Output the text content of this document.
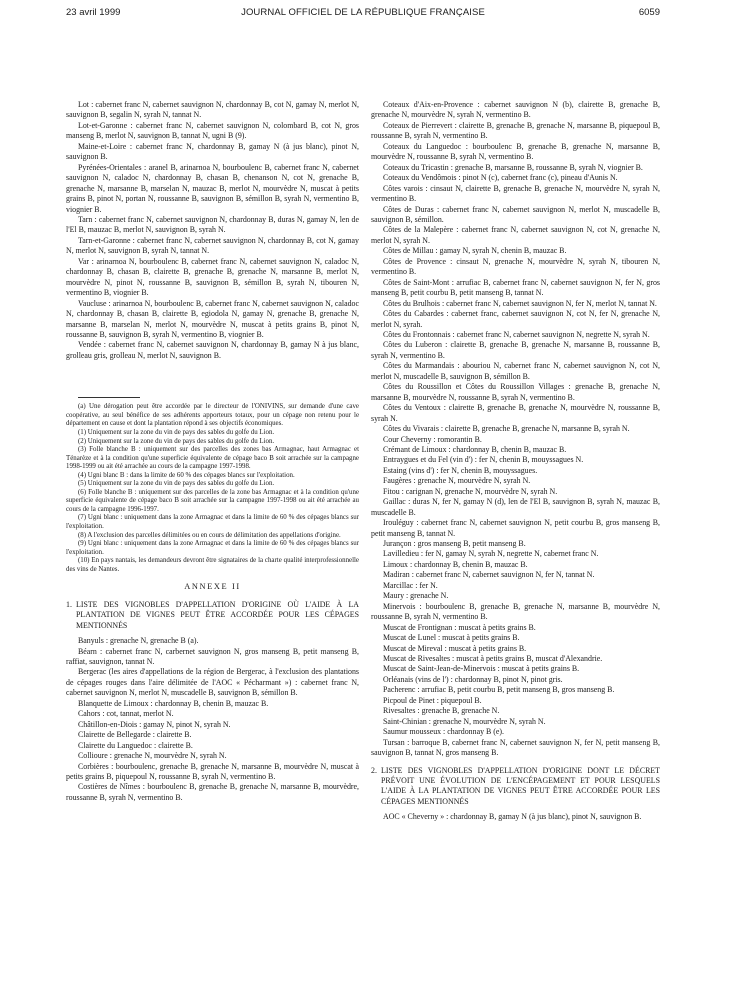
23 avril 1999	JOURNAL OFFICIEL DE LA RÉPUBLIQUE FRANÇAISE	6059

Lot : cabernet franc N, cabernet sauvignon N, chardonnay B, cot N, gamay N, merlot N, sauvignon B, segalin N, syrah N, tannat N.

Lot-et-Garonne : cabernet franc N, cabernet sauvignon N, colombard B, cot N, gros manseng B, merlot N, sauvignon B, tannat N, ugni B (9).

Maine-et-Loire : cabernet franc N, chardonnay B, gamay N (à jus blanc), pinot N, sauvignon B.

Pyrénées-Orientales : aranel B, arinarnoa N, bourboulenc B, cabernet franc N, cabernet sauvignon N, caladoc N, chardonnay B, chasan B, chenanson N, cot N, grenache B, grenache N, marsanne B, marselan N, mauzac B, merlot N, mourvèdre N, muscat à petits grains B, pinot N, portan N, roussanne B, sauvignon B, sémillon B, syrah N, vermentino B, viognier B.

Tarn : cabernet franc N, cabernet sauvignon N, chardonnay B, duras N, gamay N, len de l'El B, mauzac B, merlot N, sauvignon B, syrah N.

Tarn-et-Garonne : cabernet franc N, cabernet sauvignon N, chardonnay B, cot N, gamay N, merlot N, sauvignon B, syrah N, tannat N.

Var : arinarnoa N, bourboulenc B, cabernet franc N, cabernet sauvignon N, caladoc N, chardonnay B, chasan B, clairette B, grenache B, grenache N, marsanne B, merlot N, mourvèdre N, pinot N, roussanne B, sauvignon B, sémillon B, syrah N, tibouren N, vermentino B, viognier B.

Vaucluse : arinarnoa N, bourboulenc B, cabernet franc N, cabernet sauvignon N, caladoc N, chardonnay B, chasan B, clairette B, egiodola N, gamay N, grenache B, grenache N, marsanne B, marselan N, merlot N, mourvèdre N, muscat à petits grains B, pinot N, roussanne B, sauvignon B, syrah N, vermentino B, viognier B.

Vendée : cabernet franc N, cabernet sauvignon N, chardonnay B, gamay N à jus blanc, grolleau gris, grolleau N, merlot N, sauvignon B.

(a) Une dérogation peut être accordée par le directeur de l'ONIVINS, sur demande d'une cave coopérative, au seul bénéfice de ses adhérents apporteurs totaux, pour un cépage non retenu pour le département en cause et dont la plantation répond à ses objectifs économiques.

(1) Uniquement sur la zone du vin de pays des sables du golfe du Lion.

(2) Uniquement sur la zone du vin de pays des sables du golfe du Lion.

(3) Folle blanche B : uniquement sur des parcelles des zones bas Armagnac, haut Armagnac et Ténarèze et à la condition qu'une superficie équivalente de cépage baco B soit arrachée sur la campagne 1998-1999 ou ait été arrachée au cours de la campagne 1997-1998.

(4) Ugni blanc B : dans la limite de 60 % des cépages blancs sur l'exploitation.

(5) Uniquement sur la zone du vin de pays des sables du golfe du Lion.

(6) Folle blanche B : uniquement sur des parcelles de la zone bas Armagnac et à la condition qu'une superficie équivalente de cépage baco B soit arrachée sur la campagne 1997-1998 ou ait été arrachée au cours de la campagne 1996-1997.

(7) Ugni blanc : uniquement dans la zone Armagnac et dans la limite de 60 % des cépages blancs sur l'exploitation.

(8) A l'exclusion des parcelles délimitées ou en cours de délimitation des appellations d'origine.

(9) Ugni blanc : uniquement dans la zone Armagnac et dans la limite de 60 % des cépages blancs sur l'exploitation.

(10) En pays nantais, les demandeurs devront être signataires de la charte qualité interprofessionnelle des vins de Nantes.

ANNEXE II

1. LISTE DES VIGNOBLES D'APPELLATION D'ORIGINE OÙ L'AIDE À LA PLANTATION DE VIGNES PEUT ÊTRE ACCORDÉE POUR LES CÉPAGES MENTIONNÉS

Banyuls : grenache N, grenache B (a).

Béarn : cabernet franc N, carbernet sauvignon N, gros manseng B, petit manseng B, raffiat, sauvignon, tannat N.

Bergerac (les aires d'appellations de la région de Bergerac, à l'exclusion des plantations de cépages rouges dans l'aire délimitée de l'AOC « Pécharmant ») : cabernet franc N, cabernet sauvignon N, merlot N, muscadelle B, sauvignon B, sémillon B.

Blanquette de Limoux : chardonnay B, chenin B, mauzac B.

Cahors : cot, tannat, merlot N.

Châtillon-en-Diois : gamay N, pinot N, syrah N.

Clairette de Bellegarde : clairette B.

Clairette du Languedoc : clairette B.

Collioure : grenache N, mourvèdre N, syrah N.

Corbières : bourboulenc, grenache B, grenache N, marsanne B, mourvèdre N, muscat à petits grains B, piquepoul N, roussanne B, syrah N, vermentino B.

Costières de Nîmes : bourboulenc B, grenache B, grenache N, marsanne B, mourvèdre, roussanne B, syrah N, vermentino B.

Coteaux d'Aix-en-Provence : cabernet sauvignon N (b), clairette B, grenache B, grenache N, mourvèdre N, syrah N, vermentino B.

Coteaux de Pierrevert : clairette B, grenache B, grenache N, marsanne B, piquepoul B, roussanne B, syrah N, vermentino B.

Coteaux du Languedoc : bourboulenc B, grenache B, grenache N, marsanne B, mourvèdre N, roussanne B, syrah N, vermentino B.

Coteaux du Tricastin : grenache B, marsanne B, roussanne B, syrah N, viognier B.

Coteaux du Vendômois : pinot N (c), cabernet franc (c), pineau d'Aunis N.

Côtes varois : cinsaut N, clairette B, grenache B, grenache N, mourvèdre N, syrah N, vermentino B.

Côtes de Duras : cabernet franc N, cabernet sauvignon N, merlot N, muscadelle B, sauvignon B, sémillon.

Côtes de la Malepère : cabernet franc N, cabernet sauvignon N, cot N, grenache N, merlot N, syrah N.

Côtes de Millau : gamay N, syrah N, chenin B, mauzac B.

Côtes de Provence : cinsaut N, grenache N, mourvèdre N, syrah N, tibouren N, vermentino B.

Côtes de Saint-Mont : arrufiac B, cabernet franc N, cabernet sauvignon N, fer N, gros manseng B, petit courbu B, petit manseng B, tannat N.

Côtes du Brulhois : cabernet franc N, cabernet sauvignon N, fer N, merlot N, tannat N.

Côtes du Cabardes : cabernet franc, cabernet sauvignon N, cot N, fer N, grenache N, merlot N, syrah.

Côtes du Frontonnais : cabernet franc N, cabernet sauvignon N, negrette N, syrah N.

Côtes du Luberon : clairette B, grenache B, grenache N, marsanne B, roussanne B, syrah N, vermentino B.

Côtes du Marmandais : abouriou N, cabernet franc N, cabernet sauvignon N, cot N, merlot N, muscadelle B, sauvignon B, sémillon B.

Côtes du Roussillon et Côtes du Roussillon Villages : grenache B, grenache N, marsanne B, mourvèdre N, roussanne B, syrah N, vermentino B.

Côtes du Ventoux : clairette B, grenache B, grenache N, mourvèdre N, roussanne B, syrah N.

Côtes du Vivarais : clairette B, grenache B, grenache N, marsanne B, syrah N.

Cour Cheverny : romorantin B.

Crémant de Limoux : chardonnay B, chenin B, mauzac B.

Entraygues et du Fel (vin d') : fer N, chenin B, mouyssagues N.

Estaing (vins d') : fer N, chenin B, mouyssagues.

Faugères : grenache N, mourvèdre N, syrah N.

Fitou : carignan N, grenache N, mourvèdre N, syrah N.

Gaillac : duras N, fer N, gamay N (d), len de l'El B, sauvignon B, syrah N, mauzac B, muscadelle B.

Irouléguy : cabernet franc N, cabernet sauvignon N, petit courbu B, gros manseng B, petit manseng B, tannat N.

Jurançon : gros manseng B, petit manseng B.

Lavilledieu : fer N, gamay N, syrah N, negrette N, cabernet franc N.

Limoux : chardonnay B, chenin B, mauzac B.

Madiran : cabernet franc N, cabernet sauvignon N, fer N, tannat N.

Marcillac : fer N.

Maury : grenache N.

Minervois : bourboulenc B, grenache B, grenache N, marsanne B, mourvèdre N, roussanne B, syrah N, vermentino B.

Muscat de Frontignan : muscat à petits grains B.

Muscat de Lunel : muscat à petits grains B.

Muscat de Mireval : muscat à petits grains B.

Muscat de Rivesaltes : muscat à petits grains B, muscat d'Alexandrie.

Muscat de Saint-Jean-de-Minervois : muscat à petits grains B.

Orléanais (vins de l') : chardonnay B, pinot N, pinot gris.

Pacherenc : arrufiac B, petit courbu B, petit manseng B, gros manseng B.

Picpoul de Pinet : piquepoul B.

Rivesaltes : grenache B, grenache N.

Saint-Chinian : grenache N, mourvèdre N, syrah N.

Saumur mousseux : chardonnay B (e).

Tursan : barroque B, cabernet franc N, cabernet sauvignon N, fer N, petit manseng B, sauvignon B, tannat N, gros manseng B.

2. LISTE DES VIGNOBLES D'APPELLATION D'ORIGINE DONT LE DÉCRET PRÉVOIT UNE ÉVOLUTION DE L'ENCÉPAGEMENT ET POUR LESQUELS L'AIDE À LA PLANTATION DE VIGNES PEUT ÊTRE ACCORDÉE POUR LES CÉPAGES MENTIONNÉS

AOC « Cheverny » : chardonnay B, gamay N (à jus blanc), pinot N, sauvignon B.
